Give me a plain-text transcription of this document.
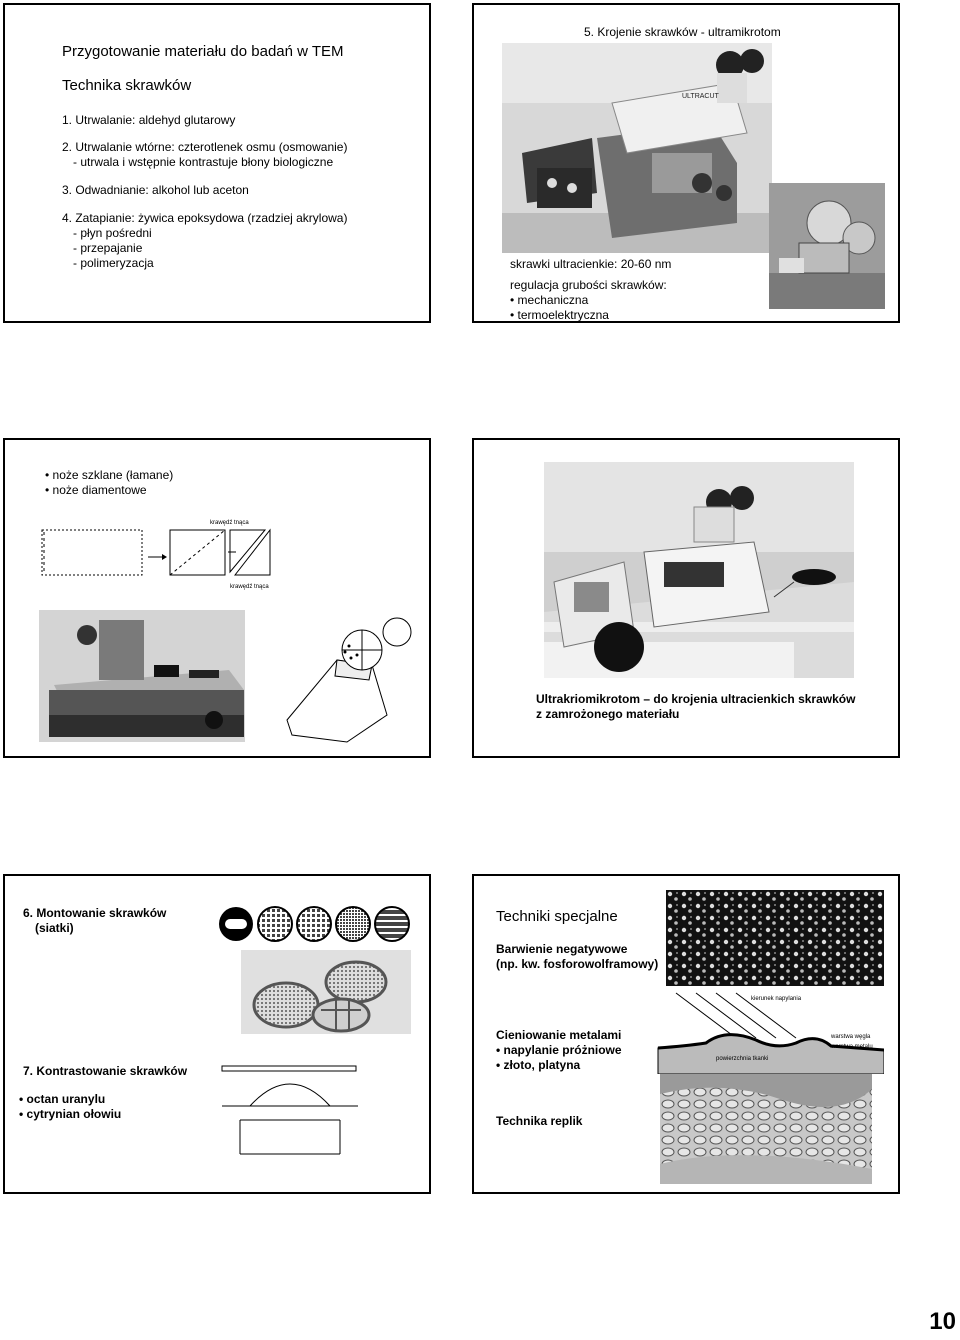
Przygotowanie materiału do badań w TEM
Technika skrawków
1. Utrwalanie: aldehyd glutarowy
2. Utrwalanie wtórne: czterotlenek osmu (osmowanie)
- utrwala i wstępnie kontrastuje błony biologiczne
3. Odwadnianie: alkohol lub aceton
4. Zatapianie: żywica epoksydowa (rzadziej akrylowa)
- płyn pośredni
- przepajanie
- polimeryzacja
5. Krojenie skrawków - ultramikrotom
ULTRACUT
skrawki ultracienkie: 20-60 nm
regulacja grubości skrawków:
• mechaniczna
• termoelektryczna
• noże szklane (łamane)
• noże diamentowe
krawędź tnąca
krawędź tnąca
Ultrakriomikrotom – do krojenia ultracienkich skrawków
z zamrożonego materiału
6. Montowanie skrawków
(siatki)
7. Kontrastowanie skrawków
• octan uranylu
• cytrynian ołowiu
Techniki specjalne
Barwienie negatywowe
(np. kw. fosforowolframowy)
kierunek napylania
warstwa węgla
warstwa metalu
powierzchnia tkanki
Cieniowanie metalami
• napylanie próżniowe
• złoto, platyna
Technika replik
10
